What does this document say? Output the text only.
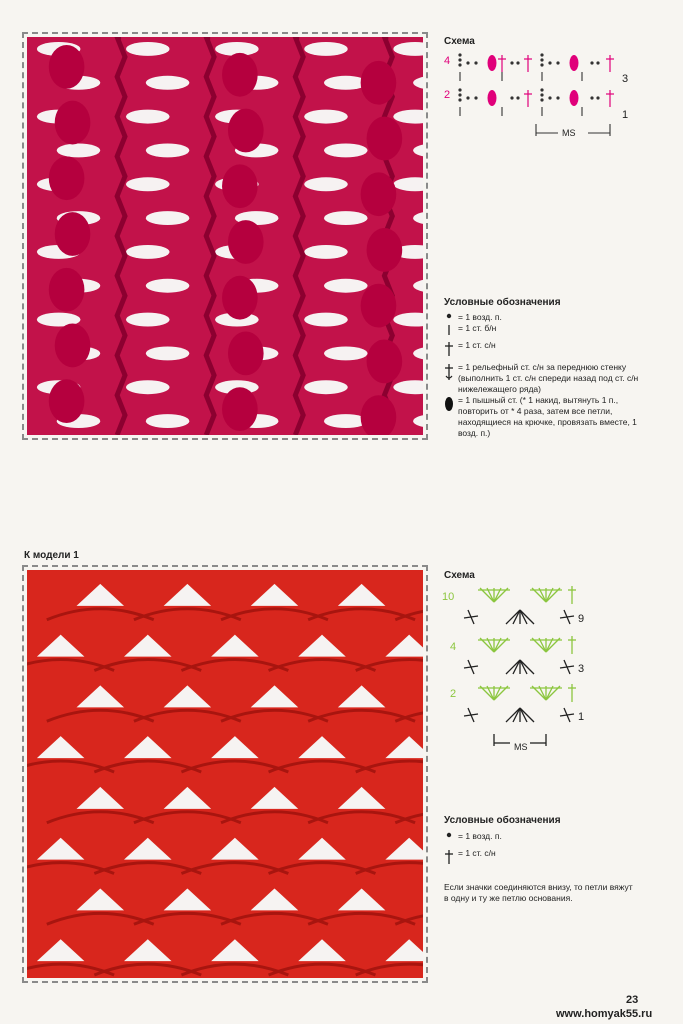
Схема
4
2
3
1
MS
Условные обозначения
= 1 возд. п.
= 1 ст. б/н
= 1 ст. с/н
= 1 рельефный ст. с/н за переднюю стенку (выполнить 1 ст. с/н спереди назад под ст. с/н нижележащего ряда)
= 1 пышный ст. (* 1 накид, вытянуть 1 п., повторить от * 4 раза, затем все петли, находящиеся на крючке, провязать вместе, 1 возд. п.)
К модели 1
Схема
10
4
2
9
3
1
MS
Условные обозначения
= 1 возд. п.
= 1 ст. с/н
Если значки соединяются внизу, то петли вяжут в одну и ту же петлю основания.
23
www.homyak55.ru
